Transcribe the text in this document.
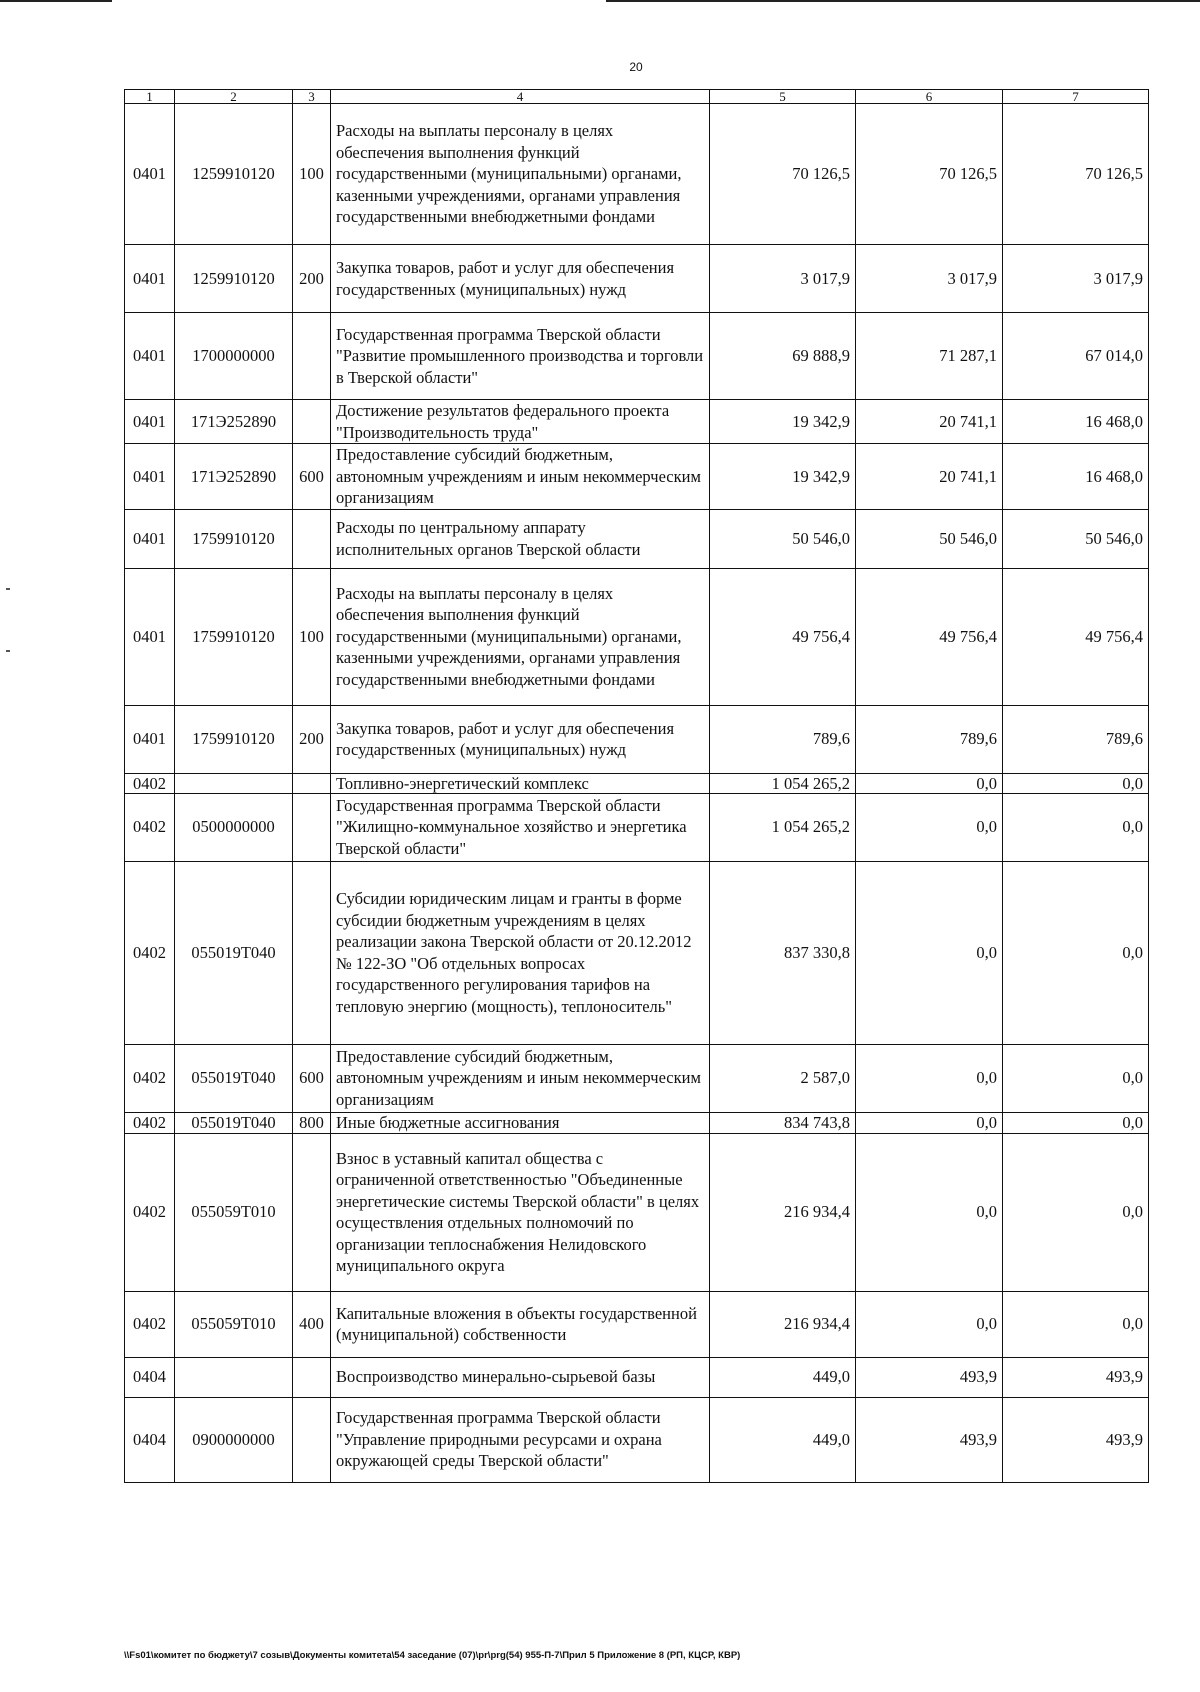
20
1	2	3	4	5	6	7
0401	1259910120	100	Расходы на выплаты персоналу в целях обеспечения выполнения функций государственными (муниципальными) органами, казенными учреждениями, органами управления государственными внебюджетными фондами	70 126,5	70 126,5	70 126,5
0401	1259910120	200	Закупка товаров, работ и услуг для обеспечения государственных (муниципальных) нужд	3 017,9	3 017,9	3 017,9
0401	1700000000		Государственная программа Тверской области "Развитие промышленного производства и торговли в Тверской области"	69 888,9	71 287,1	67 014,0
0401	171Э252890		Достижение результатов федерального проекта "Производительность труда"	19 342,9	20 741,1	16 468,0
0401	171Э252890	600	Предоставление субсидий бюджетным, автономным учреждениям и иным некоммерческим организациям	19 342,9	20 741,1	16 468,0
0401	1759910120		Расходы по центральному аппарату исполнительных органов Тверской области	50 546,0	50 546,0	50 546,0
0401	1759910120	100	Расходы на выплаты персоналу в целях обеспечения выполнения функций государственными (муниципальными) органами, казенными учреждениями, органами управления государственными внебюджетными фондами	49 756,4	49 756,4	49 756,4
0401	1759910120	200	Закупка товаров, работ и услуг для обеспечения государственных (муниципальных) нужд	789,6	789,6	789,6
0402			Топливно-энергетический комплекс	1 054 265,2	0,0	0,0
0402	0500000000		Государственная программа Тверской области "Жилищно-коммунальное хозяйство и энергетика Тверской области"	1 054 265,2	0,0	0,0
0402	055019Т040		Субсидии юридическим лицам и гранты в форме субсидии бюджетным учреждениям в целях реализации закона Тверской области от 20.12.2012 № 122-ЗО "Об отдельных вопросах государственного регулирования тарифов на тепловую энергию (мощность), теплоноситель"	837 330,8	0,0	0,0
0402	055019Т040	600	Предоставление субсидий бюджетным, автономным учреждениям и иным некоммерческим организациям	2 587,0	0,0	0,0
0402	055019Т040	800	Иные бюджетные ассигнования	834 743,8	0,0	0,0
0402	055059Т010		Взнос в уставный капитал общества с ограниченной ответственностью "Объединенные энергетические системы Тверской области" в целях осуществления отдельных полномочий по организации теплоснабжения Нелидовского муниципального округа	216 934,4	0,0	0,0
0402	055059Т010	400	Капитальные вложения в объекты государственной (муниципальной) собственности	216 934,4	0,0	0,0
0404			Воспроизводство минерально-сырьевой базы	449,0	493,9	493,9
0404	0900000000		Государственная программа Тверской области "Управление природными ресурсами и охрана окружающей среды Тверской области"	449,0	493,9	493,9
\\Fs01\комитет по бюджету\7 созыв\Документы комитета\54 заседание (07)\pr\prg(54) 955-П-7\Прил 5 Приложение 8 (РП, КЦСР, КВР)
